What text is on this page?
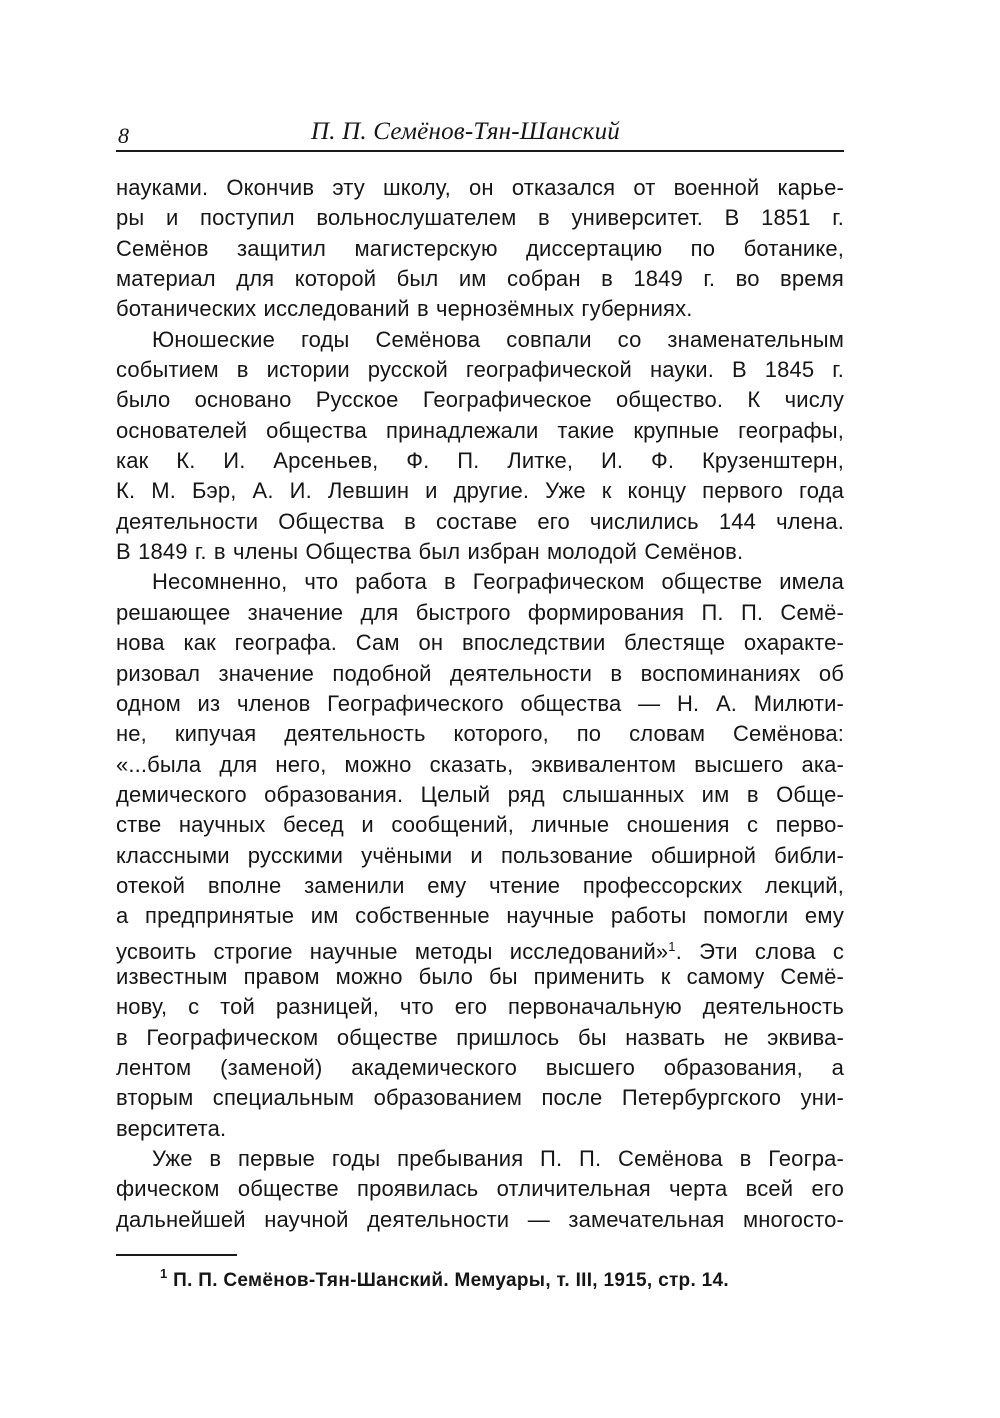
8	П. П. Семёнов-Тян-Шанский
науками. Окончив эту школу, он отказался от военной карье-
ры и поступил вольнослушателем в университет. В 1851 г.
Семёнов защитил магистерскую диссертацию по ботанике,
материал для которой был им собран в 1849 г. во время
ботанических исследований в чернозёмных губерниях.
Юношеские годы Семёнова совпали со знаменательным
событием в истории русской географической науки. В 1845 г.
было основано Русское Географическое общество. К числу
основателей общества принадлежали такие крупные географы,
как К. И. Арсеньев, Ф. П. Литке, И. Ф. Крузенштерн,
К. М. Бэр, А. И. Левшин и другие. Уже к концу первого года
деятельности Общества в составе его числились 144 члена.
В 1849 г. в члены Общества был избран молодой Семёнов.
Несомненно, что работа в Географическом обществе имела
решающее значение для быстрого формирования П. П. Семё-
нова как географа. Сам он впоследствии блестяще охаракте-
ризовал значение подобной деятельности в воспоминаниях об
одном из членов Географического общества — Н. А. Милюти-
не, кипучая деятельность которого, по словам Семёнова:
«...была для него, можно сказать, эквивалентом высшего ака-
демического образования. Целый ряд слышанных им в Обще-
стве научных бесед и сообщений, личные сношения с перво-
классными русскими учёными и пользование обширной библи-
отекой вполне заменили ему чтение профессорских лекций,
а предпринятые им собственные научные работы помогли ему
усвоить строгие научные методы исследований»$^1$. Эти слова с
известным правом можно было бы применить к самому Семё-
нову, с той разницей, что его первоначальную деятельность
в Географическом обществе пришлось бы назвать не эквива-
лентом (заменой) академического высшего образования, а
вторым специальным образованием после Петербургского уни-
верситета.
Уже в первые годы пребывания П. П. Семёнова в Геогра-
фическом обществе проявилась отличительная черта всей его
дальнейшей научной деятельности — замечательная многосто-
$^1$ П. П. Семёнов-Тян-Шанский. Мемуары, т. III, 1915, стр. 14.
